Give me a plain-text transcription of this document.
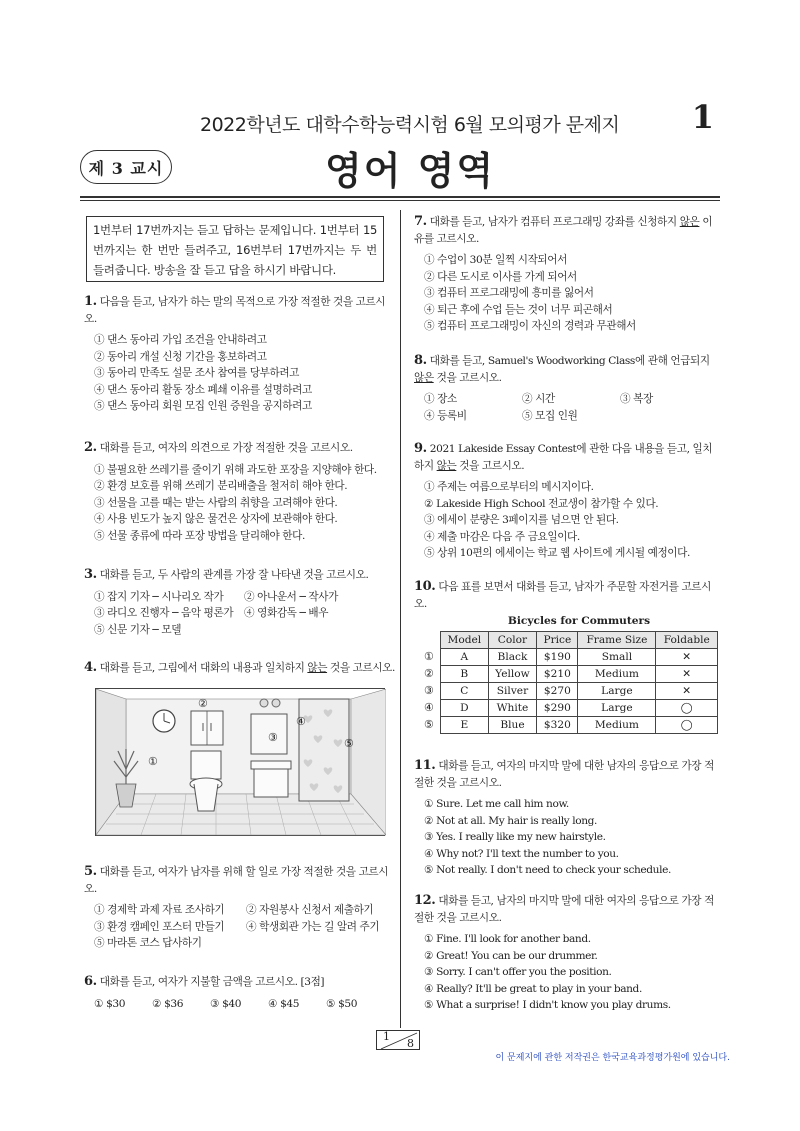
2022학년도 대학수학능력시험 6월 모의평가 문제지 1
제 3 교시	영어 영역
1번부터 17번까지는 듣고 답하는 문제입니다. 1번부터 15번까지는 한 번만 들려주고, 16번부터 17번까지는 두 번 들려줍니다. 방송을 잘 듣고 답을 하시기 바랍니다.
1. 다음을 듣고, 남자가 하는 말의 목적으로 가장 적절한 것을 고르시오.
① 댄스 동아리 가입 조건을 안내하려고
② 동아리 개설 신청 기간을 홍보하려고
③ 동아리 만족도 설문 조사 참여를 당부하려고
④ 댄스 동아리 활동 장소 폐쇄 이유를 설명하려고
⑤ 댄스 동아리 회원 모집 인원 증원을 공지하려고
2. 대화를 듣고, 여자의 의견으로 가장 적절한 것을 고르시오.
① 불필요한 쓰레기를 줄이기 위해 과도한 포장을 지양해야 한다.
② 환경 보호를 위해 쓰레기 분리배출을 철저히 해야 한다.
③ 선물을 고를 때는 받는 사람의 취향을 고려해야 한다.
④ 사용 빈도가 높지 않은 물건은 상자에 보관해야 한다.
⑤ 선물 종류에 따라 포장 방법을 달리해야 한다.
3. 대화를 듣고, 두 사람의 관계를 가장 잘 나타낸 것을 고르시오.
① 잡지 기자 ─ 시나리오 작가	② 아나운서 ─ 작사가
③ 라디오 진행자 ─ 음악 평론가	④ 영화감독 ─ 배우
⑤ 신문 기자 ─ 모델
4. 대화를 듣고, 그림에서 대화의 내용과 일치하지 않는 것을 고르시오.
①
②
③
④
⑤
5. 대화를 듣고, 여자가 남자를 위해 할 일로 가장 적절한 것을 고르시오.
① 경제학 과제 자료 조사하기	② 자원봉사 신청서 제출하기
③ 환경 캠페인 포스터 만들기	④ 학생회관 가는 길 알려 주기
⑤ 마라톤 코스 답사하기
6. 대화를 듣고, 여자가 지불할 금액을 고르시오. [3점]
① $30	② $36	③ $40	④ $45	⑤ $50
7. 대화를 듣고, 남자가 컴퓨터 프로그래밍 강좌를 신청하지 않은 이유를 고르시오.
① 수업이 30분 일찍 시작되어서
② 다른 도시로 이사를 가게 되어서
③ 컴퓨터 프로그래밍에 흥미를 잃어서
④ 퇴근 후에 수업 듣는 것이 너무 피곤해서
⑤ 컴퓨터 프로그래밍이 자신의 경력과 무관해서
8. 대화를 듣고, Samuel's Woodworking Class에 관해 언급되지 않은 것을 고르시오.
① 장소	② 시간	③ 복장
④ 등록비	⑤ 모집 인원
9. 2021 Lakeside Essay Contest에 관한 다음 내용을 듣고, 일치하지 않는 것을 고르시오.
① 주제는 여름으로부터의 메시지이다.
② Lakeside High School 전교생이 참가할 수 있다.
③ 에세이 분량은 3페이지를 넘으면 안 된다.
④ 제출 마감은 다음 주 금요일이다.
⑤ 상위 10편의 에세이는 학교 웹 사이트에 게시될 예정이다.
10. 다음 표를 보면서 대화를 듣고, 남자가 주문할 자전거를 고르시오.
Bicycles for Commuters
①
②
③
④
⑤
Model	Color	Price	Frame Size	Foldable
A	Black	$190	Small	✕
B	Yellow	$210	Medium	✕
C	Silver	$270	Large	✕
D	White	$290	Large	◯
E	Blue	$320	Medium	◯
11. 대화를 듣고, 여자의 마지막 말에 대한 남자의 응답으로 가장 적절한 것을 고르시오.
① Sure. Let me call him now.
② Not at all. My hair is really long.
③ Yes. I really like my new hairstyle.
④ Why not? I'll text the number to you.
⑤ Not really. I don't need to check your schedule.
12. 대화를 듣고, 남자의 마지막 말에 대한 여자의 응답으로 가장 적절한 것을 고르시오.
① Fine. I'll look for another band.
② Great! You can be our drummer.
③ Sorry. I can't offer you the position.
④ Really? It'll be great to play in your band.
⑤ What a surprise! I didn't know you play drums.
1
8
이 문제지에 관한 저작권은 한국교육과정평가원에 있습니다.
